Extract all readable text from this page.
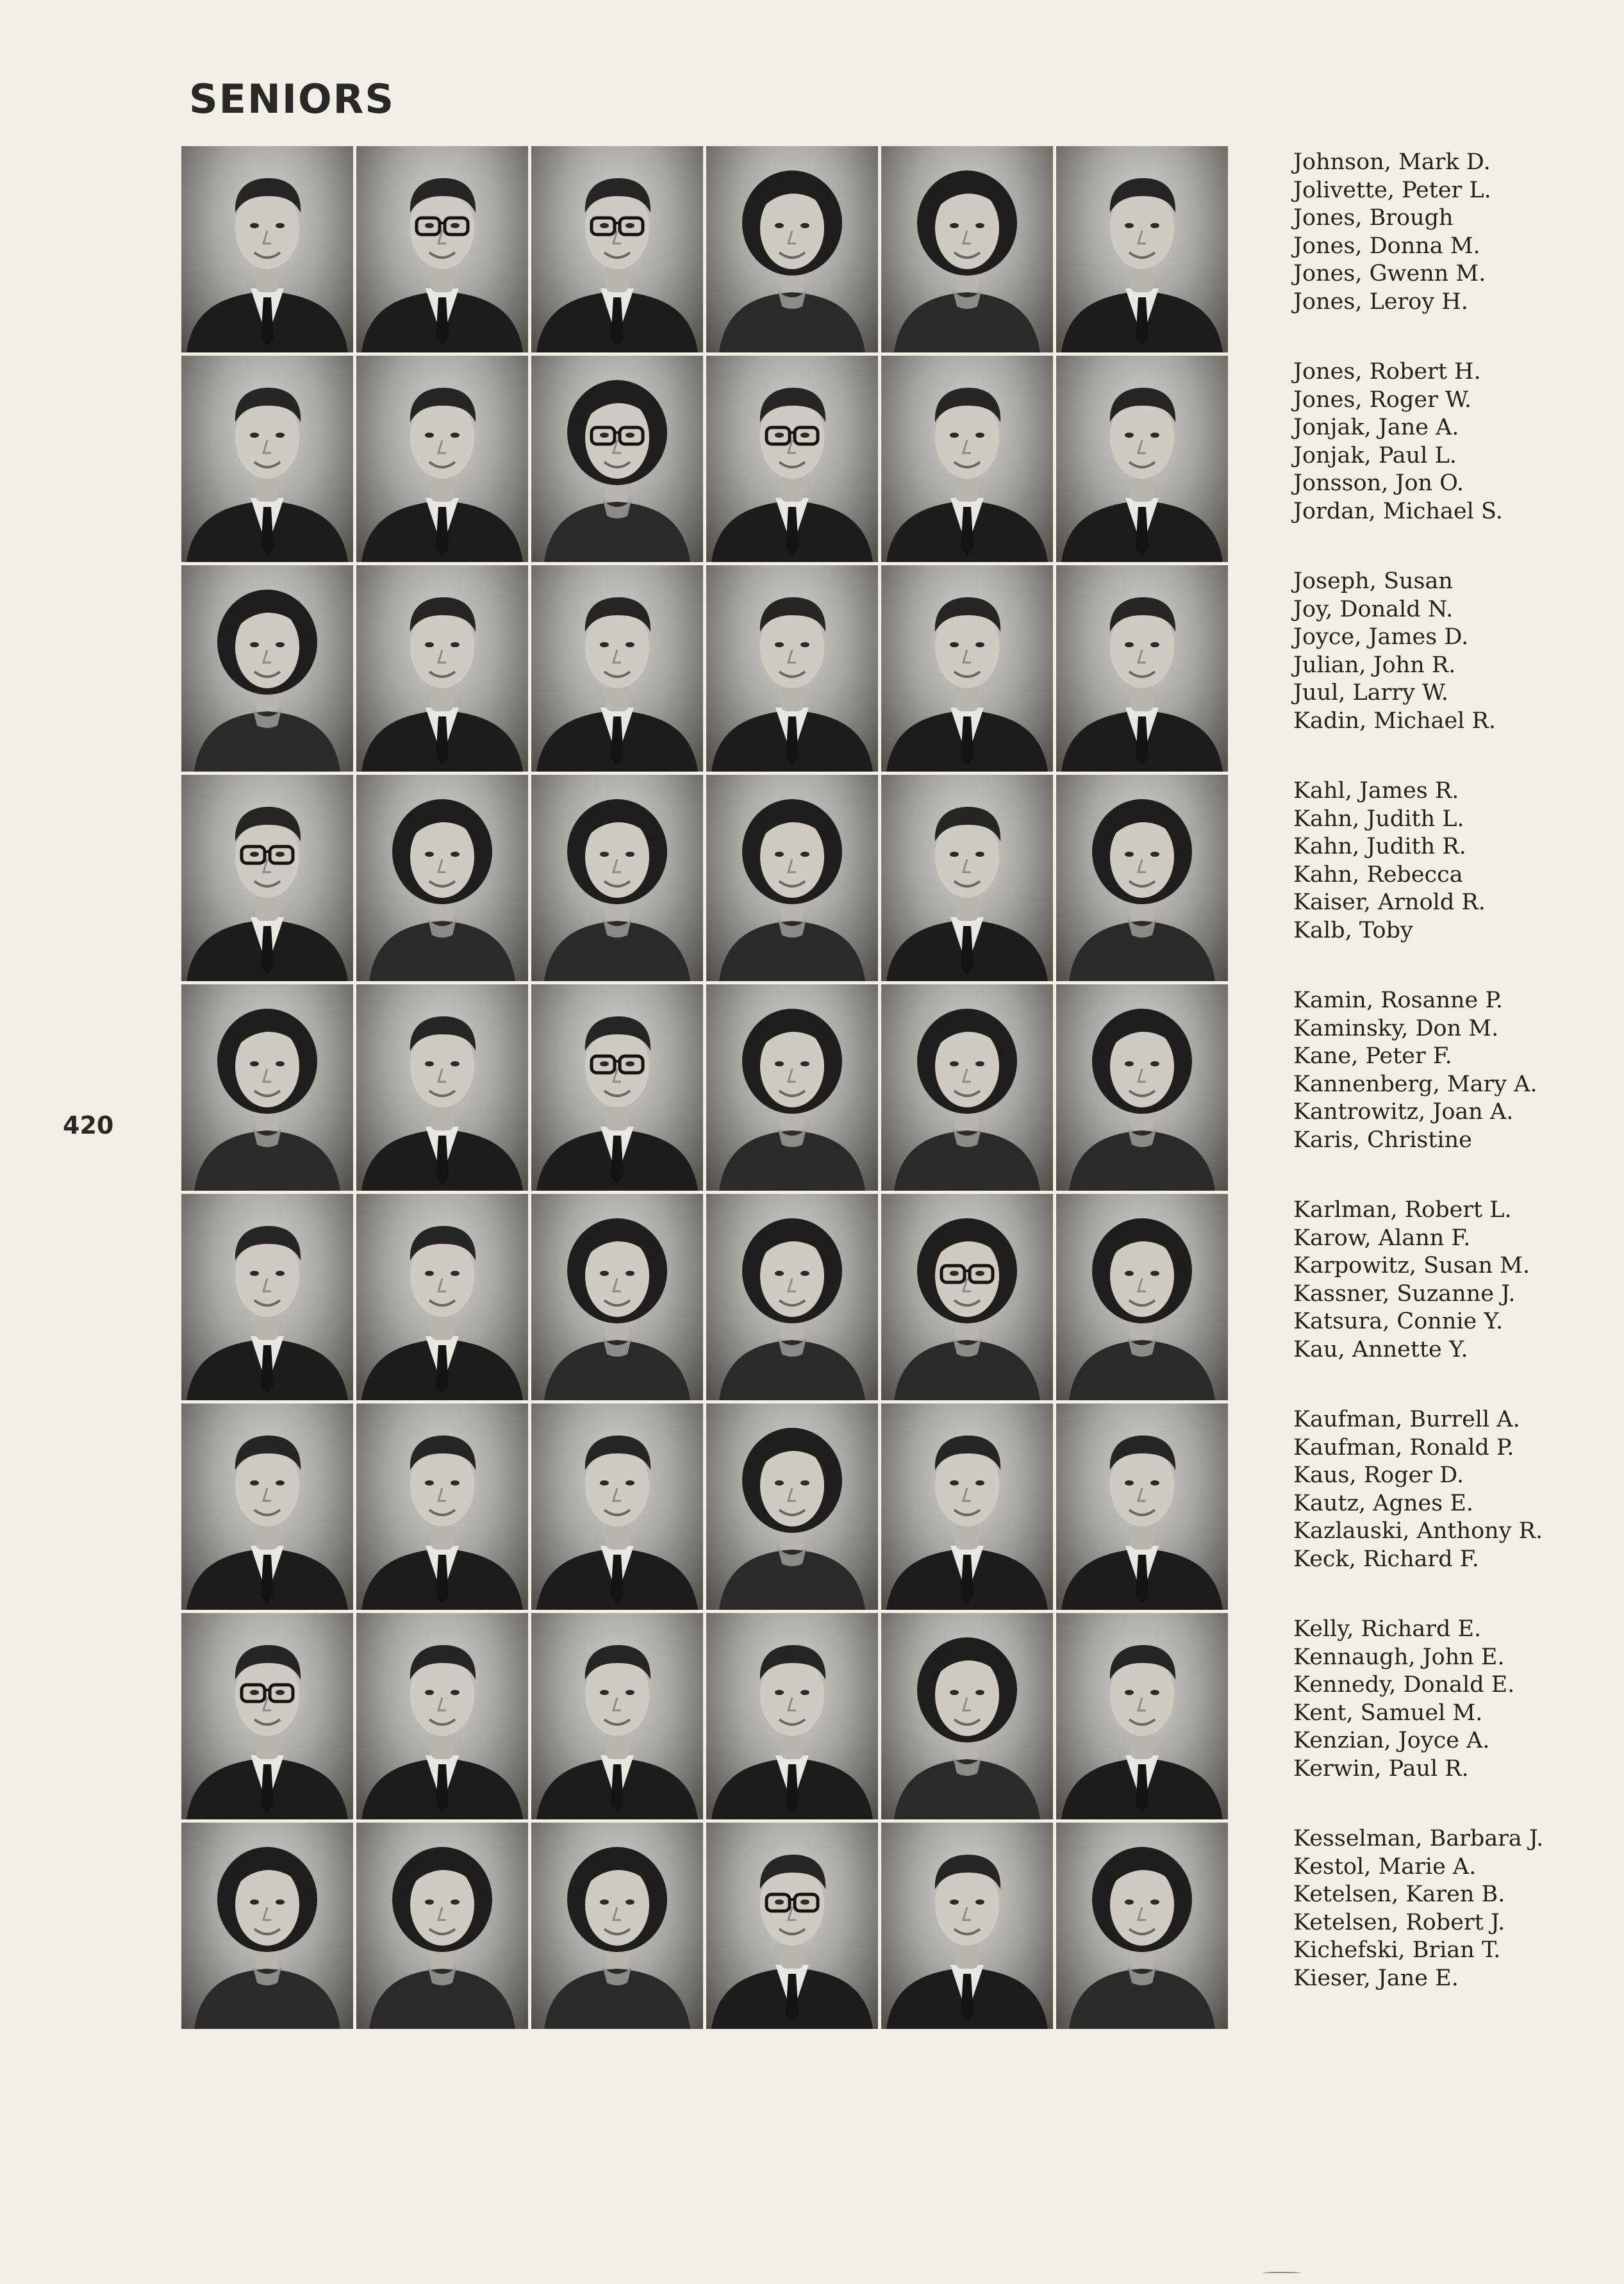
SENIORS
420
Johnson, Mark D.
Jolivette, Peter L.
Jones, Brough
Jones, Donna M.
Jones, Gwenn M.
Jones, Leroy H.
Jones, Robert H.
Jones, Roger W.
Jonjak, Jane A.
Jonjak, Paul L.
Jonsson, Jon O.
Jordan, Michael S.
Joseph, Susan
Joy, Donald N.
Joyce, James D.
Julian, John R.
Juul, Larry W.
Kadin, Michael R.
Kahl, James R.
Kahn, Judith L.
Kahn, Judith R.
Kahn, Rebecca
Kaiser, Arnold R.
Kalb, Toby
Kamin, Rosanne P.
Kaminsky, Don M.
Kane, Peter F.
Kannenberg, Mary A.
Kantrowitz, Joan A.
Karis, Christine
Karlman, Robert L.
Karow, Alann F.
Karpowitz, Susan M.
Kassner, Suzanne J.
Katsura, Connie Y.
Kau, Annette Y.
Kaufman, Burrell A.
Kaufman, Ronald P.
Kaus, Roger D.
Kautz, Agnes E.
Kazlauski, Anthony R.
Keck, Richard F.
Kelly, Richard E.
Kennaugh, John E.
Kennedy, Donald E.
Kent, Samuel M.
Kenzian, Joyce A.
Kerwin, Paul R.
Kesselman, Barbara J.
Kestol, Marie A.
Ketelsen, Karen B.
Ketelsen, Robert J.
Kichefski, Brian T.
Kieser, Jane E.
